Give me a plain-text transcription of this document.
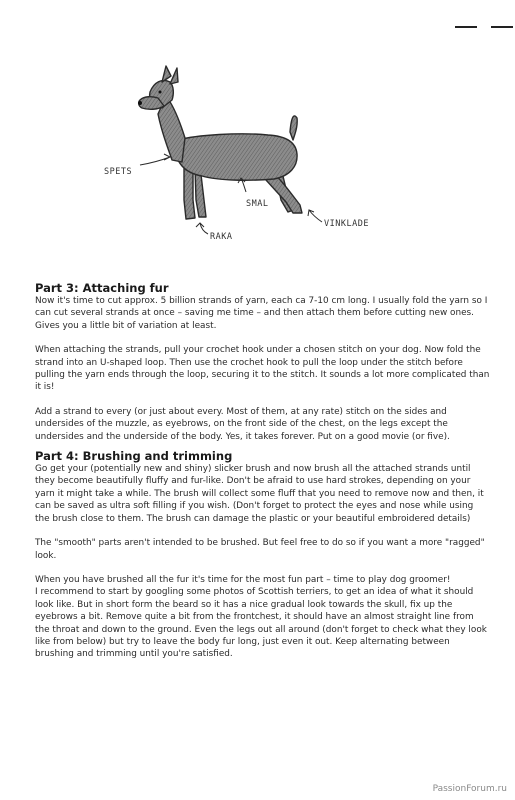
SPETS
SMAL
VINKLADE
RAKA
Part 3: Attaching fur

Now it's time to cut approx. 5 billion strands of yarn, each ca 7-10 cm long. I usually fold the yarn so I can cut several strands at once – saving me time – and then attach them before cutting new ones. Gives you a little bit of variation at least.

When attaching the strands, pull your crochet hook under a chosen stitch on your dog. Now fold the strand into an U-shaped loop. Then use the crochet hook to pull the loop under the stitch before pulling the yarn ends through the loop, securing it to the stitch. It sounds a lot more complicated than it is!

Add a strand to every (or just about every. Most of them, at any rate) stitch on the sides and undersides of the muzzle, as eyebrows, on the front side of the chest, on the legs except the undersides and the underside of the body. Yes, it takes forever. Put on a good movie (or five).

Part 4: Brushing and trimming

Go get your (potentially new and shiny) slicker brush and now brush all the attached strands until they become beautifully fluffy and fur-like. Don't be afraid to use hard strokes, depending on your yarn it might take a while. The brush will collect some fluff that you need to remove now and then, it can be saved as ultra soft filling if you wish. (Don't forget to protect the eyes and nose while using the brush close to them. The brush can damage the plastic or your beautiful embroidered details)

The "smooth" parts aren't intended to be brushed. But feel free to do so if you want a more "ragged" look.

When you have brushed all the fur it's time for the most fun part – time to play dog groomer!

I recommend to start by googling some photos of Scottish terriers, to get an idea of what it should look like. But in short form the beard so it has a nice gradual look towards the skull, fix up the eyebrows a bit. Remove quite a bit from the frontchest, it should have an almost straight line from the throat and down to the ground. Even the legs out all around (don't forget to check what they look like from below) but try to leave the body fur long, just even it out. Keep alternating between brushing and trimming until you're satisfied.

PassionForum.ru
